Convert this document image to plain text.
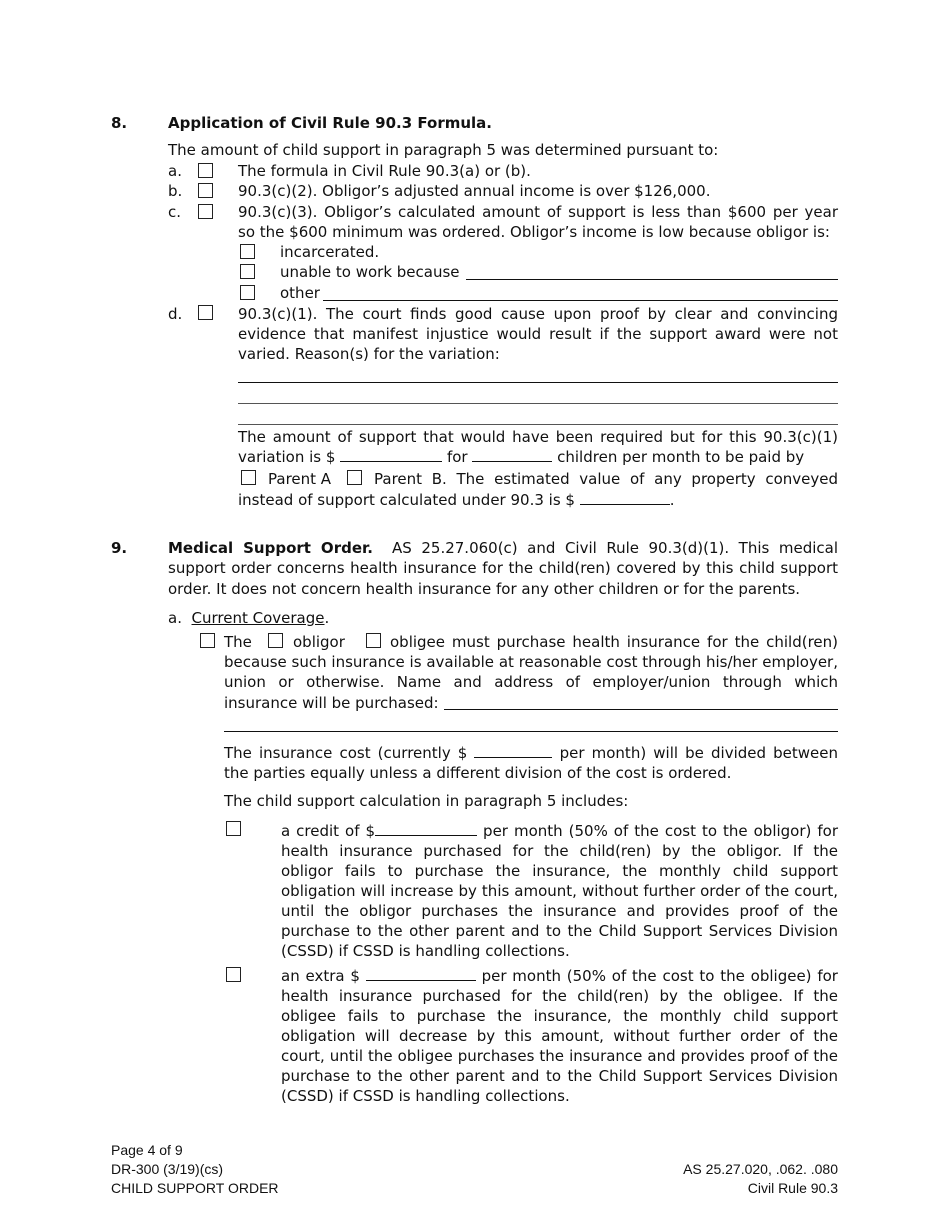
8.	Application of Civil Rule 90.3 Formula.
The amount of child support in paragraph 5 was determined pursuant to:
a.	The formula in Civil Rule 90.3(a) or (b).
b.	90.3(c)(2). Obligor’s adjusted annual income is over $126,000.
c.	90.3(c)(3). Obligor’s calculated amount of support is less than $600 per year
so the $600 minimum was ordered. Obligor’s income is low because obligor is:
incarcerated.
unable to work because
other
d.	90.3(c)(1). The court finds good cause upon proof by clear and convincing
evidence that manifest injustice would result if the support award were not
varied. Reason(s) for the variation:
The amount of support that would have been required but for this 90.3(c)(1)
variation is $	for	children per month to be paid by
Parent A	Parent B. The estimated value of any property conveyed
instead of support calculated under 90.3 is $	.
9.	Medical Support Order. AS 25.27.060(c) and Civil Rule 90.3(d)(1). This medical
support order concerns health insurance for the child(ren) covered by this child support
order. It does not concern health insurance for any other children or for the parents.
a. Current Coverage.
The	obligor	obligee must purchase health insurance for the child(ren)
because such insurance is available at reasonable cost through his/her employer,
union or otherwise. Name and address of employer/union through which
insurance will be purchased:
The insurance cost (currently $	per month) will be divided between
the parties equally unless a different division of the cost is ordered.
The child support calculation in paragraph 5 includes:
a credit of $	per month (50% of the cost to the obligor) for
health insurance purchased for the child(ren) by the obligor. If the
obligor fails to purchase the insurance, the monthly child support
obligation will increase by this amount, without further order of the court,
until the obligor purchases the insurance and provides proof of the
purchase to the other parent and to the Child Support Services Division
(CSSD) if CSSD is handling collections.
an extra $	per month (50% of the cost to the obligee) for
health insurance purchased for the child(ren) by the obligee. If the
obligee fails to purchase the insurance, the monthly child support
obligation will decrease by this amount, without further order of the
court, until the obligee purchases the insurance and provides proof of the
purchase to the other parent and to the Child Support Services Division
(CSSD) if CSSD is handling collections.
Page 4 of 9
DR-300 (3/19)(cs)
CHILD SUPPORT ORDER
AS 25.27.020, .062. .080
Civil Rule 90.3
